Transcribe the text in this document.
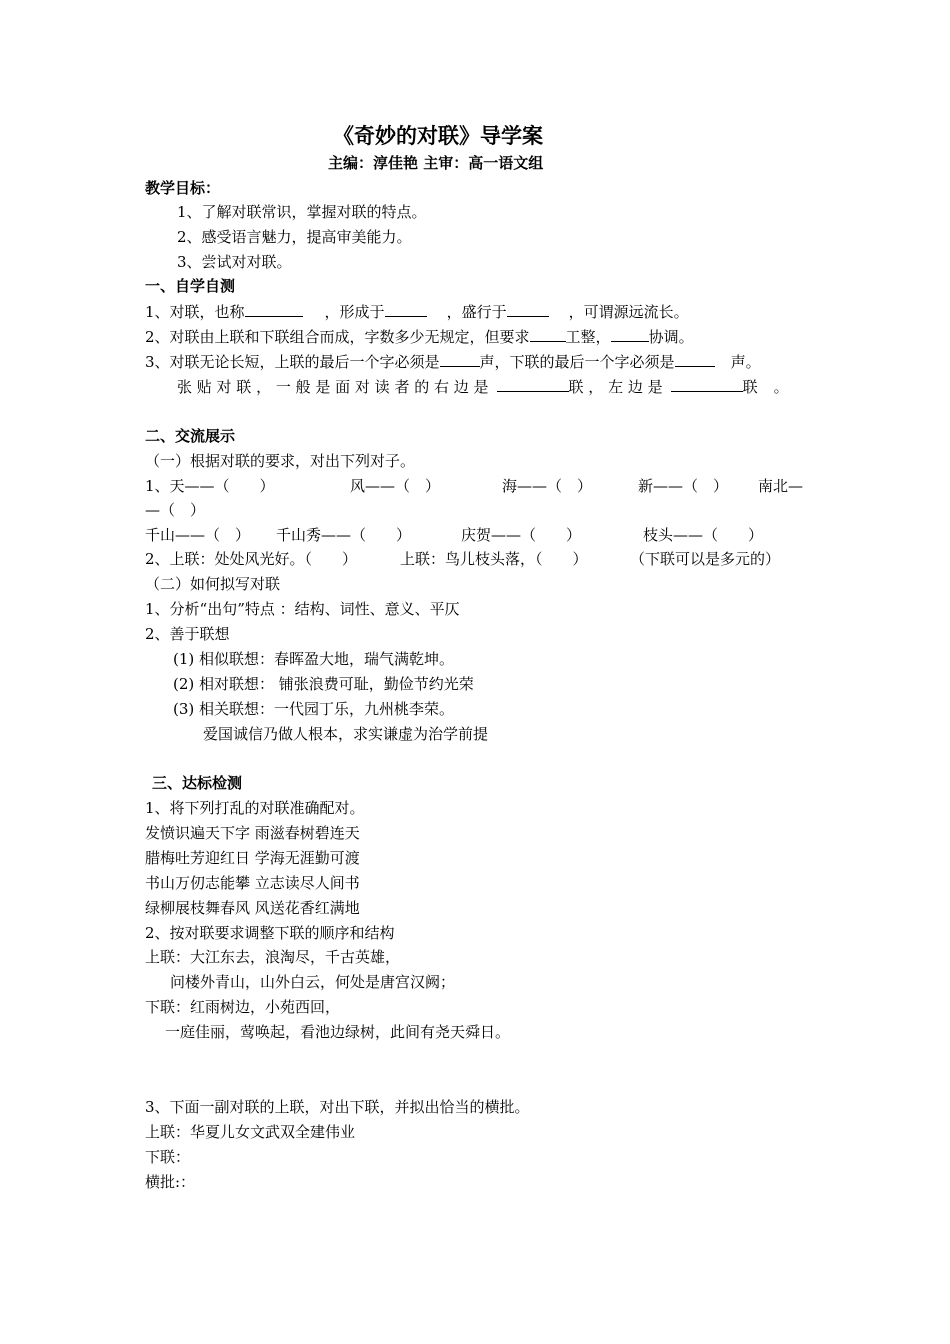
《奇妙的对联》导学案
主编：淳佳艳 主审：高一语文组
教学目标：
1、了解对联常识，掌握对联的特点。
2、感受语言魅力，提高审美能力。
3、尝试对对联。
一、自学自测
1、对联，也称	，形成于	，盛行于	，可谓源远流长。
2、对联由上联和下联组合而成，字数多少无规定，但要求 工整，	协调。
3、对联无论长短，上联的最后一个字必须是	声，下联的最后一个字必须是	声。
张 贴 对 联 ， 一 般 是 面 对 读 者 的 右 边 是	联 ， 左 边 是	联 。
二、交流展示
（一）根据对联的要求，对出下列对子。
1、天——（　　）	风——（　）	海——（　）	新——（　） 南北—
—（　）
千山——（　） 千山秀——（　　）	庆贺——（　　）	枝头——（　　）
2、上联：处处风光好。（　　）	上联：鸟儿枝头落，（　　）	（下联可以是多元的）
（二）如何拟写对联
1、分析“出句”特点 ：结构、词性、意义、平仄
2、善于联想
(1) 相似联想：春晖盈大地，瑞气满乾坤。
(2) 相对联想： 铺张浪费可耻，勤俭节约光荣
(3) 相关联想：一代园丁乐，九州桃李荣。
爱国诚信乃做人根本，求实谦虚为治学前提
三、达标检测
1、将下列打乱的对联准确配对。
发愤识遍天下字 雨滋春树碧连天
腊梅吐芳迎红日 学海无涯勤可渡
书山万仞志能攀 立志读尽人间书
绿柳展枝舞春风 风送花香红满地
2、按对联要求调整下联的顺序和结构
上联：大江东去，浪淘尽，千古英雄，
问楼外青山，山外白云，何处是唐宫汉阙；
下联：红雨树边，小苑西回，
一庭佳丽，莺唤起，看池边绿树，此间有尧天舜日。
3、下面一副对联的上联，对出下联，并拟出恰当的横批。
上联：华夏儿女文武双全建伟业
下联：
横批:：
